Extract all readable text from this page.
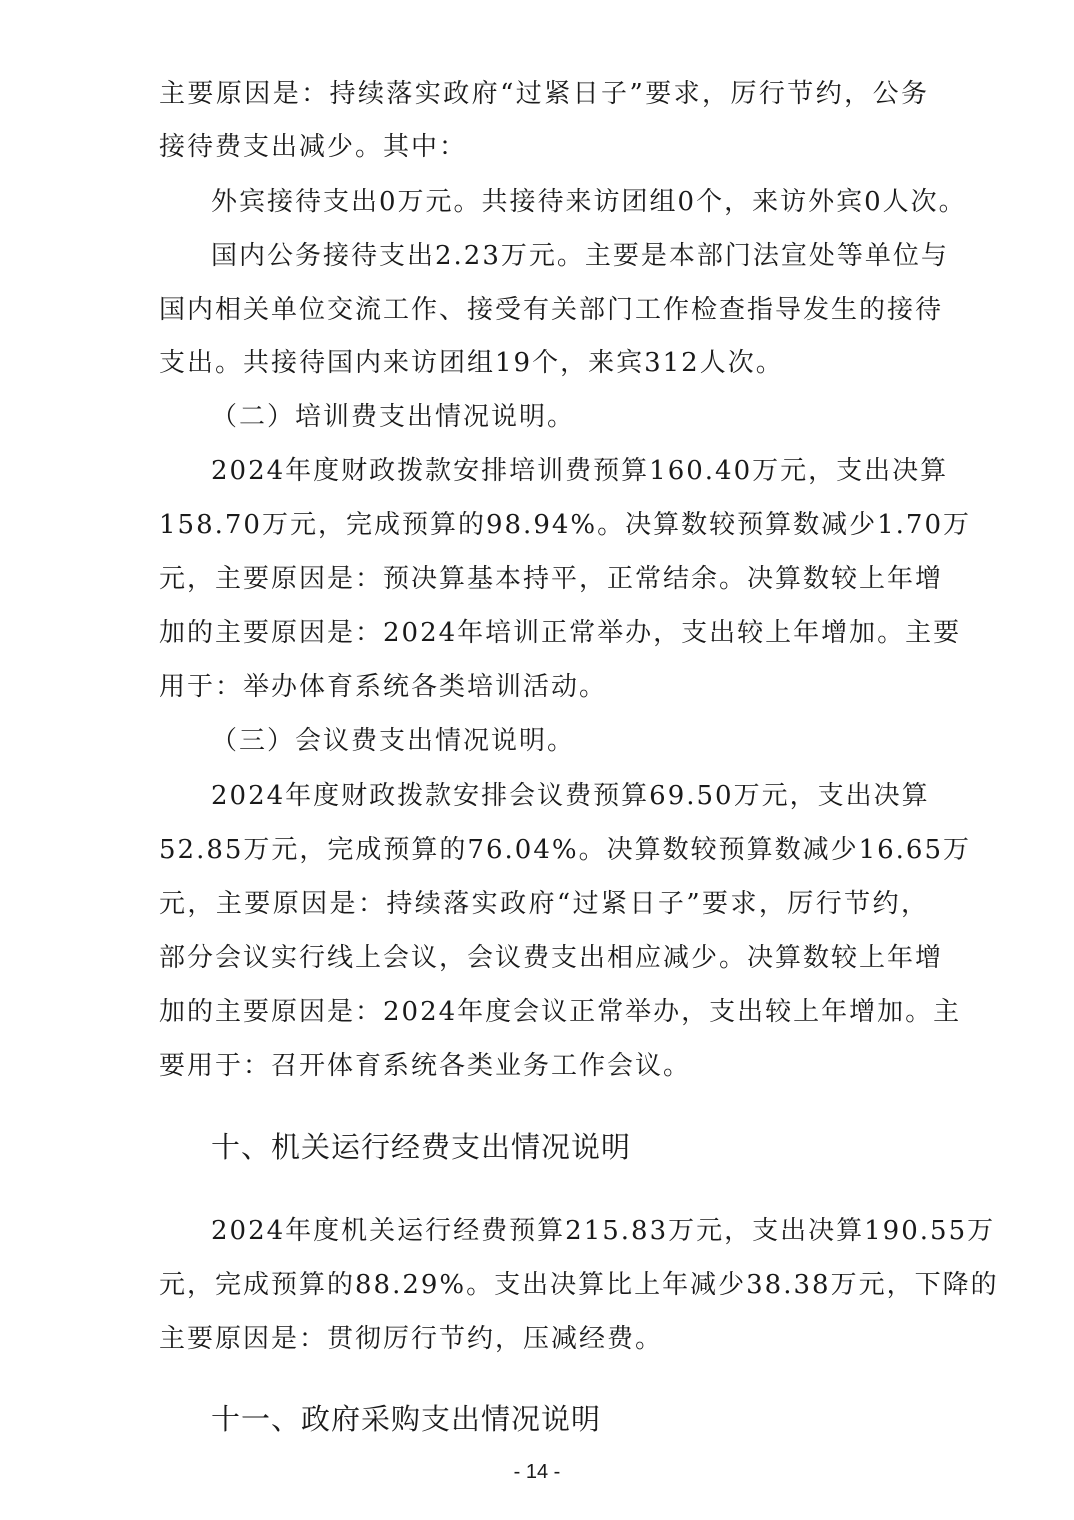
主要原因是：持续落实政府“过紧日子”要求，厉行节约，公务
接待费支出减少。其中：
外宾接待支出0万元。共接待来访团组0个，来访外宾0人次。
国内公务接待支出2.23万元。主要是本部门法宣处等单位与
国内相关单位交流工作、接受有关部门工作检查指导发生的接待
支出。共接待国内来访团组19个，来宾312人次。
（二）培训费支出情况说明。
2024年度财政拨款安排培训费预算160.40万元，支出决算
158.70万元，完成预算的98.94%。决算数较预算数减少1.70万
元，主要原因是：预决算基本持平，正常结余。决算数较上年增
加的主要原因是：2024年培训正常举办，支出较上年增加。主要
用于：举办体育系统各类培训活动。
（三）会议费支出情况说明。
2024年度财政拨款安排会议费预算69.50万元，支出决算
52.85万元，完成预算的76.04%。决算数较预算数减少16.65万
元，主要原因是：持续落实政府“过紧日子”要求，厉行节约，
部分会议实行线上会议，会议费支出相应减少。决算数较上年增
加的主要原因是：2024年度会议正常举办，支出较上年增加。主
要用于：召开体育系统各类业务工作会议。
十、机关运行经费支出情况说明
2024年度机关运行经费预算215.83万元，支出决算190.55万
元，完成预算的88.29%。支出决算比上年减少38.38万元，下降的
主要原因是：贯彻厉行节约，压减经费。
十一、政府采购支出情况说明
- 14 -
